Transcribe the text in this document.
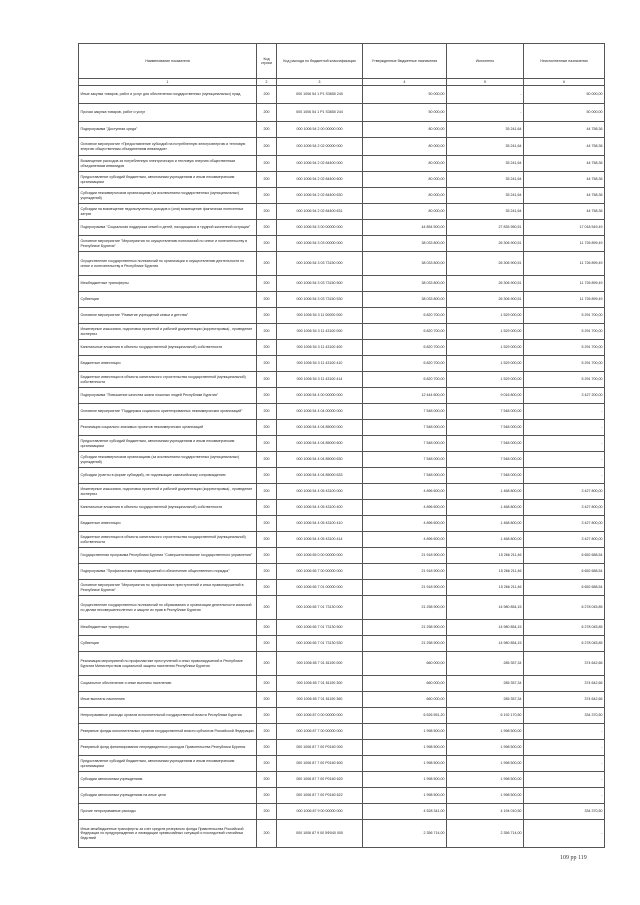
Наименование показателя	Код строки	Код расхода по бюджетной классификации	Утвержденные бюджетные назначения	Исполнено	Неисполненные назначения
1	2	3	4	5	6
Иные закупки товаров, работ и услуг для обеспечения государственных (муниципальных) нужд	200	000 1006 54 1 P1 S3650 240	50 000,00	-	50 000,00
Прочая закупка товаров, работ и услуг	200	000 1006 54 1 P1 S3650 244	50 000,00	-	50 000,00
Подпрограмма "Доступная среда"	200	000 1006 54 2 00 00000 000	80 000,00	35 241,64	44 758,36
Основное мероприятие «Предоставление субсидий на потребленную электроэнергию и тепловую энергию общественным объединениям инвалидов»	200	000 1006 54 2 02 00000 000	80 000,00	35 241,64	44 758,36
Возмещение расходов за потребленную электрическую и тепловую энергию общественным объединениям инвалидов	200	000 1006 54 2 02 84400 000	80 000,00	35 241,64	44 758,36
Предоставление субсидий бюджетным, автономным учреждениям и иным некоммерческим организациям	200	000 1006 54 2 02 84400 600	80 000,00	35 241,64	44 758,36
Субсидии некоммерческим организациям (за исключением государственных (муниципальных) учреждений)	200	000 1006 54 2 02 84400 630	80 000,00	35 241,64	44 758,36
Субсидии на возмещение недополученных доходов и (или) возмещение фактически понесенных затрат	200	000 1006 54 2 02 84400 631	80 000,00	35 241,64	44 758,36
Подпрограмма "Социальная поддержка семей и детей, находящихся в трудной жизненной ситуации"	200	000 1006 54 3 00 00000 000	44 854 500,00	27 835 950,51	17 018 549,49
Основное мероприятие "Мероприятия по осуществлению полномочий по опеке и попечительству в Республике Бурятия"	200	000 1006 54 3 03 00000 000	38 033 800,00	26 306 900,51	11 726 899,49
Осуществление государственных полномочий по организации и осуществлению деятельности по опеке и попечительству в Республике Бурятия	200	000 1006 54 3 03 73150 000	38 033 800,00	26 306 900,51	11 726 899,49
Межбюджетные трансферты	200	000 1006 54 3 03 73150 500	38 033 800,00	26 306 900,51	11 726 899,49
Субвенции	200	000 1006 54 3 03 73150 530	38 033 800,00	26 306 900,51	11 726 899,49
Основное мероприятие "Развитие учреждений семьи и детства"	200	000 1006 54 3 11 00000 000	6 820 700,00	1 529 000,00	5 291 700,00
Инженерные изыскания, подготовка проектной и рабочей документации (корректировка) , проведение экспертиз	200	000 1006 54 3 11 43100 000	6 820 700,00	1 529 000,00	5 291 700,00
Капитальные вложения в объекты государственной (муниципальной) собственности	200	000 1006 54 3 11 43100 400	6 820 700,00	1 529 000,00	5 291 700,00
Бюджетные инвестиции	200	000 1006 54 3 11 43100 410	6 820 700,00	1 529 000,00	5 291 700,00
Бюджетные инвестиции в объекты капитального строительства государственной (муниципальной) собственности	200	000 1006 54 3 11 43100 414	6 820 700,00	1 529 000,00	5 291 700,00
Подпрограмма "Повышение качества жизни пожилых людей Республики Бурятия"	200	000 1006 54 4 00 00000 000	12 444 600,00	9 016 800,00	3 427 200,00
Основное мероприятие "Поддержка социально ориентированных некоммерческих организаций"	200	000 1006 54 4 04 00000 000	7 548 000,00	7 548 000,00	-
Реализация социально значимых проектов некоммерческих организаций	200	000 1006 54 4 04 85000 000	7 548 000,00	7 548 000,00	-
Предоставление субсидий бюджетным, автономным учреждениям и иным некоммерческим организациям	200	000 1006 54 4 04 85000 600	7 548 000,00	7 548 000,00	-
Субсидии некоммерческим организациям (за исключением государственных (муниципальных) учреждений)	200	000 1006 54 4 04 85000 630	7 548 000,00	7 548 000,00	-
Субсидии (гранты в форме субсидий), не подлежащие казначейскому сопровождению	200	000 1006 54 4 04 85000 633	7 548 000,00	7 548 000,00	-
Инженерные изыскания, подготовка проектной и рабочей документации (корректировка) , проведение экспертиз	200	000 1006 54 4 05 43100 000	4 896 600,00	1 468 800,00	3 427 800,00
Капитальные вложения в объекты государственной (муниципальной) собственности	200	000 1006 54 4 05 43100 400	4 896 600,00	1 468 800,00	3 427 800,00
Бюджетные инвестиции	200	000 1006 54 4 05 43100 410	4 896 600,00	1 468 800,00	3 427 800,00
Бюджетные инвестиции в объекты капитального строительства государственной (муниципальной) собственности	200	000 1006 54 4 05 43100 414	4 896 600,00	1 468 800,00	3 427 800,00
Государственная программа Республики Бурятия "Совершенствование государственного управления"	200	000 1006 65 0 00 00000 000	21 918 900,00	15 266 211,46	6 652 688,54
Подпрограмма "Профилактика правонарушений и обеспечение общественного порядка"	200	000 1006 65 7 00 00000 000	21 918 900,00	15 266 211,46	6 652 688,54
Основное мероприятие "Мероприятия по профилактике преступлений и иных правонарушений в Республике Бурятия"	200	000 1006 65 7 01 00000 000	21 918 900,00	15 266 211,46	6 652 688,54
Осуществление государственных полномочий по образованию и организации деятельности комиссий по делам несовершеннолетних и защите их прав в Республике Бурятия	200	000 1006 65 7 01 73130 000	21 258 900,00	14 980 854,15	6 278 045,85
Межбюджетные трансферты	200	000 1006 65 7 01 73130 500	21 258 900,00	14 980 854,15	6 278 045,85
Субвенции	200	000 1006 65 7 01 73130 530	21 258 900,00	14 980 854,15	6 278 045,85
Реализация мероприятий по профилактике преступлений и иных правонарушений в Республике Бурятия Министерством социальной защиты населения Республики Бурятия	200	000 1006 65 7 01 81190 000	660 000,00	285 357,34	374 642,66
Социальное обеспечение и иные выплаты населению	200	000 1006 65 7 01 81190 300	660 000,00	285 357,34	374 642,66
Иные выплаты населению	200	000 1006 65 7 01 81190 360	660 000,00	285 357,34	374 642,66
Непрограммные расходы органов исполнительной государственной власти Республики Бурятия	200	000 1006 87 0 00 00000 000	6 526 551,20	6 192 170,50	334 370,50
Резервные фонды исполнительных органов государственной власти субъектов Российской Федерации	200	000 1006 87 7 00 00000 000	1 998 500,00	1 998 500,00	-
Резервный фонд финансирования непредвиденных расходов Правительства Республики Бурятия	200	000 1006 87 7 00 P0160 000	1 998 500,00	1 998 500,00	-
Предоставление субсидий бюджетным, автономным учреждениям и иным некоммерческим организациям	200	000 1006 87 7 00 P0160 600	1 998 500,00	1 998 500,00	-
Субсидии автономным учреждениям	200	000 1006 87 7 00 P0160 620	1 998 500,00	1 998 500,00	-
Субсидии автономным учреждениям на иные цели	200	000 1006 87 7 00 P0160 622	1 998 500,00	1 998 500,00	-
Прочие непрограммные расходы	200	000 1006 87 9 00 00000 000	4 528 341,00	4 194 010,50	334 370,50
Иные межбюджетные трансферты за счет средств резервного фонда Правительства Российской Федерации по предупреждению и ликвидации чрезвычайных ситуаций и последствий стихийных бедствий	200	000 1006 87 9 00 5Ф040 000	2 356 714,00	2 356 714,00	-
109 pp 119
